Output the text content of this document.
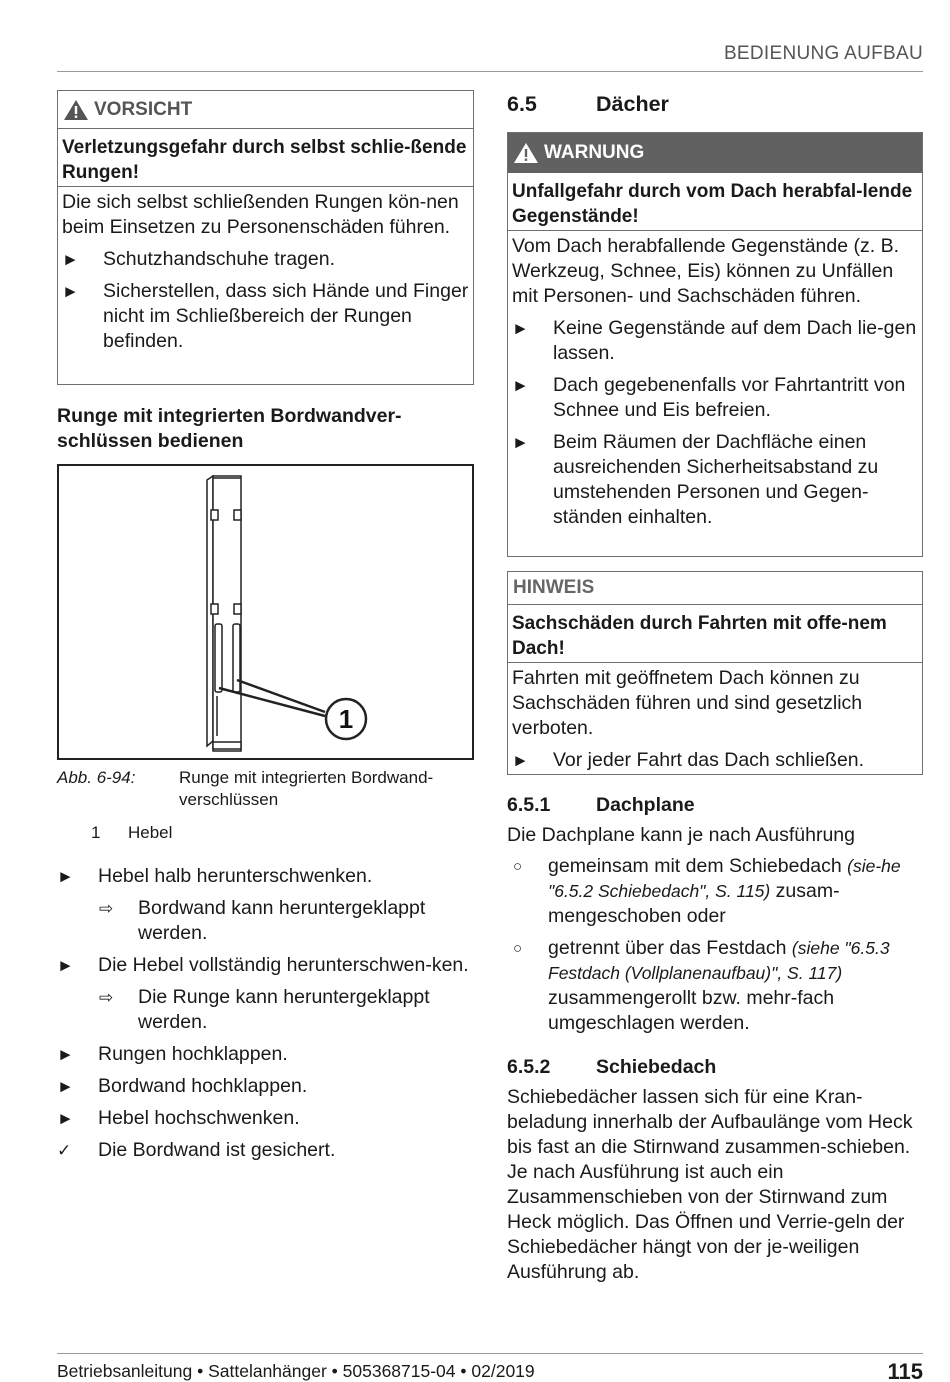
BEDIENUNG AUFBAU
VORSICHT
Verletzungsgefahr durch selbst schlie-ßende Rungen!
Die sich selbst schließenden Rungen kön-nen beim Einsetzen zu Personenschäden führen.
► Schutzhandschuhe tragen.
► Sicherstellen, dass sich Hände und Finger nicht im Schließbereich der Rungen befinden.
Runge mit integrierten Bordwandver-schlüssen bedienen
1
Abb. 6-94:	Runge mit integrierten Bordwand-verschlüssen
1	Hebel
► Hebel halb herunterschwenken.
⇨ Bordwand kann heruntergeklappt werden.
► Die Hebel vollständig herunterschwen-ken.
⇨ Die Runge kann heruntergeklappt werden.
► Rungen hochklappen.
► Bordwand hochklappen.
► Hebel hochschwenken.
✓ Die Bordwand ist gesichert.
6.5	Dächer
WARNUNG
Unfallgefahr durch vom Dach herabfal-lende Gegenstände!
Vom Dach herabfallende Gegenstände (z. B. Werkzeug, Schnee, Eis) können zu Unfällen mit Personen- und Sachschäden führen.
► Keine Gegenstände auf dem Dach lie-gen lassen.
► Dach gegebenenfalls vor Fahrtantritt von Schnee und Eis befreien.
► Beim Räumen der Dachfläche einen ausreichenden Sicherheitsabstand zu umstehenden Personen und Gegen-ständen einhalten.
HINWEIS
Sachschäden durch Fahrten mit offe-nem Dach!
Fahrten mit geöffnetem Dach können zu Sachschäden führen und sind gesetzlich verboten.
► Vor jeder Fahrt das Dach schließen.
6.5.1	Dachplane
Die Dachplane kann je nach Ausführung
○ gemeinsam mit dem Schiebedach (sie-he "6.5.2 Schiebedach", S. 115) zusam-mengeschoben oder
○ getrennt über das Festdach (siehe "6.5.3 Festdach (Vollplanenaufbau)", S. 117) zusammengerollt bzw. mehr-fach umgeschlagen werden.
6.5.2	Schiebedach
Schiebedächer lassen sich für eine Kran-beladung innerhalb der Aufbaulänge vom Heck bis fast an die Stirnwand zusammen-schieben. Je nach Ausführung ist auch ein Zusammenschieben von der Stirnwand zum Heck möglich. Das Öffnen und Verrie-geln der Schiebedächer hängt von der je-weiligen Ausführung ab.
Betriebsanleitung • Sattelanhänger • 505368715-04 • 02/2019	115
